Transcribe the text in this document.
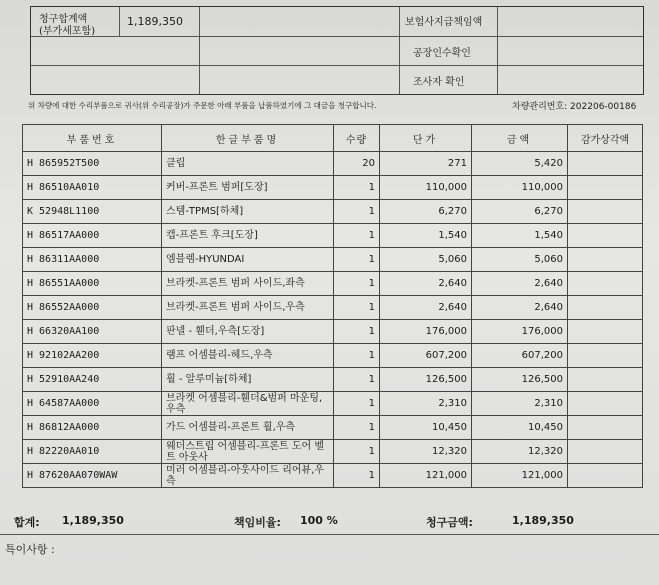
청구합계액
(부가세포함)
1,189,350	보험사지급책임액
공장인수확인
조사자 확인
위 차량에 대한 수리부품으로 귀사(위 수리공장)가 주문한 아래 부품을 납품하였기에 그 대금을 청구합니다.	차량관리번호: 202206-00186
부품번호	한글부품명	수량	단가	금액	감가상각액
H 865952T500	클립	20	271	5,420	
H 86510AA010	커버-프론트 범퍼[도장]	1	110,000	110,000	
K 52948L1100	스템-TPMS[하체]	1	6,270	6,270	
H 86517AA000	캡-프론트 후크[도장]	1	1,540	1,540	
H 86311AA000	엠블렘-HYUNDAI	1	5,060	5,060	
H 86551AA000	브라켓-프론트 범퍼 사이드,좌측	1	2,640	2,640	
H 86552AA000	브라켓-프론트 범퍼 사이드,우측	1	2,640	2,640	
H 66320AA100	판넬 - 휀더,우측[도장]	1	176,000	176,000	
H 92102AA200	램프 어셈블리-헤드,우측	1	607,200	607,200	
H 52910AA240	휠 - 알루미늄[하체]	1	126,500	126,500	
H 64587AA000	브라켓 어셈블리-휀더&범퍼 마운팅,우측	1	2,310	2,310	
H 86812AA000	가드 어셈블리-프론트 휠,우측	1	10,450	10,450	
H 82220AA010	웨더스트립 어셈블리-프론트 도어 벨트 아웃사	1	12,320	12,320	
H 87620AA070WAW	미러 어셈블리-아웃사이드 리어뷰,우측	1	121,000	121,000	
합계: 1,189,350	책임비율: 100 %	청구금액:	1,189,350
특이사항 :
